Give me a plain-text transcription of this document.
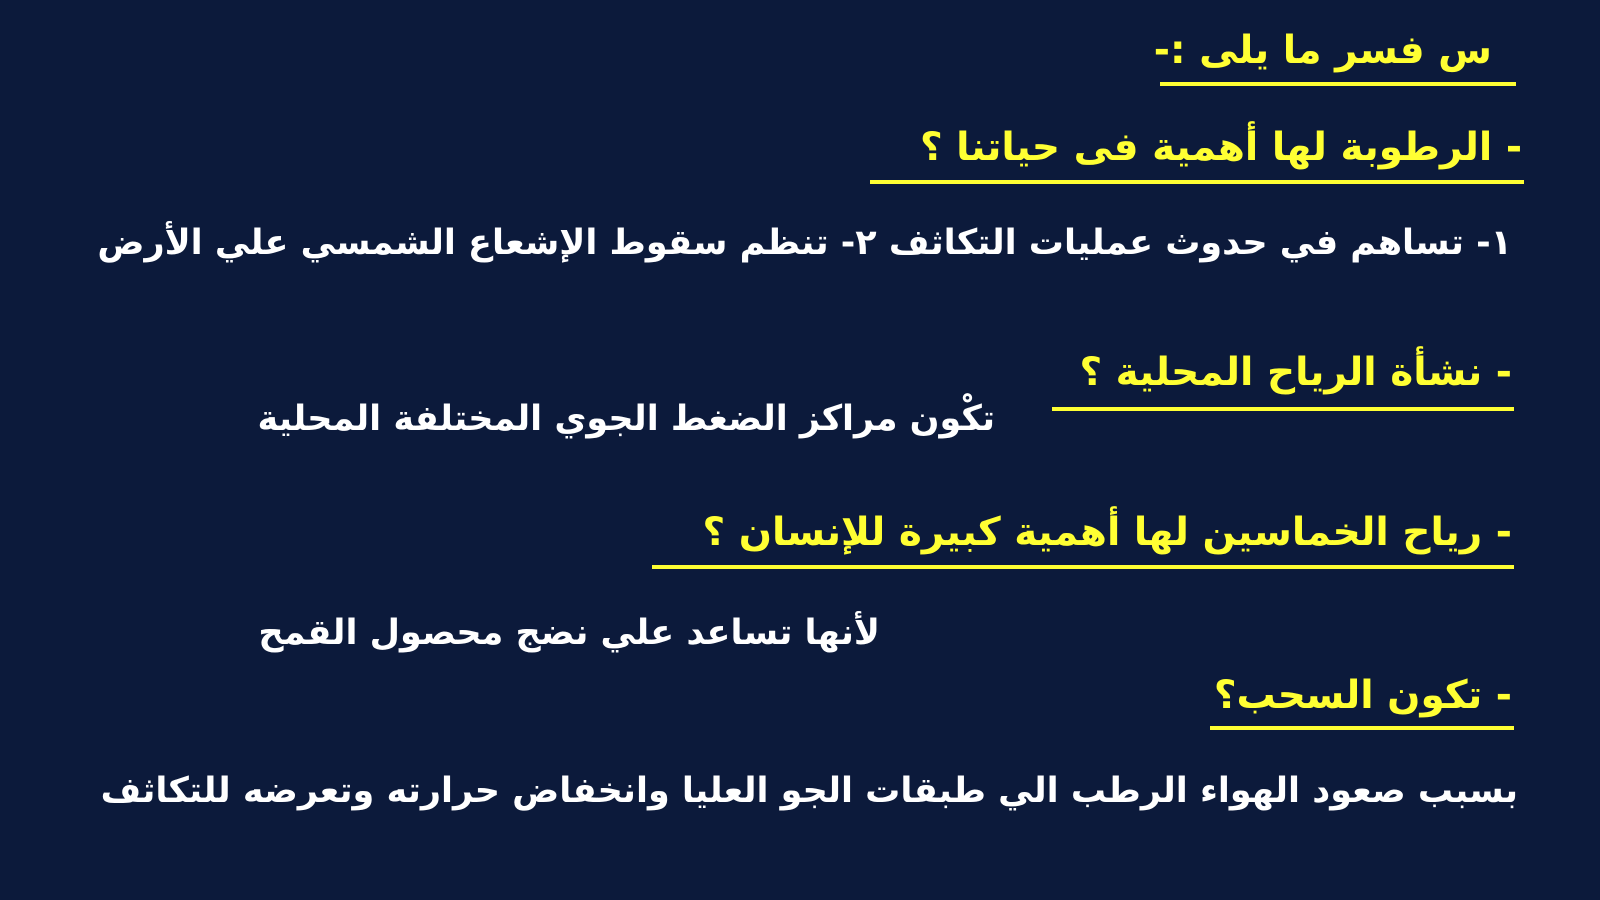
س فسر ما يلى :-
- الرطوبة لها أهمية فى حياتنا ؟
١- تساهم في حدوث عمليات التكاثف ٢- تنظم سقوط الإشعاع الشمسي علي الأرض
- نشأة الرياح المحلية ؟
تكْون مراكز الضغط الجوي المختلفة المحلية
- رياح الخماسين لها أهمية كبيرة للإنسان ؟
لأنها تساعد علي نضج محصول القمح
- تكون السحب؟
بسبب صعود الهواء الرطب الي طبقات الجو العليا وانخفاض حرارته وتعرضه للتكاثف
